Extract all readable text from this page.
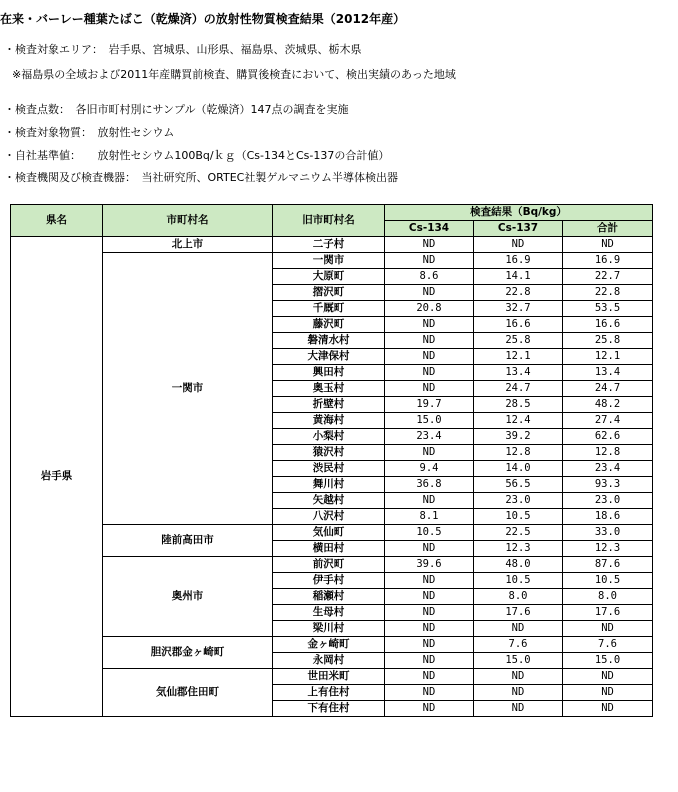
在来・バーレー種葉たばこ（乾燥済）の放射性物質検査結果（2012年産）
・検査対象エリア：　岩手県、宮城県、山形県、福島県、茨城県、栃木県
※福島県の全域および2011年産購買前検査、購買後検査において、検出実績のあった地域
・検査点数：　各旧市町村別にサンプル（乾燥済）147点の調査を実施
・検査対象物質：　放射性セシウム
・自社基準値：　　放射性セシウム100Bq/ｋｇ（Cs-134とCs-137の合計値）
・検査機関及び検査機器：　当社研究所、ORTEC社製ゲルマニウム半導体検出器
県名	市町村名	旧市町村名	検査結果（Bq/kg）		
			Cs-134	Cs-137	合計
岩手県	北上市	二子村	ND	ND	ND
	一関市	一関市	ND	16.9	16.9
		大原町	8.6	14.1	22.7
		摺沢町	ND	22.8	22.8
		千厩町	20.8	32.7	53.5
		藤沢町	ND	16.6	16.6
		磐清水村	ND	25.8	25.8
		大津保村	ND	12.1	12.1
		興田村	ND	13.4	13.4
		奥玉村	ND	24.7	24.7
		折壁村	19.7	28.5	48.2
		黄海村	15.0	12.4	27.4
		小梨村	23.4	39.2	62.6
		猿沢村	ND	12.8	12.8
		渋民村	9.4	14.0	23.4
		舞川村	36.8	56.5	93.3
		矢越村	ND	23.0	23.0
		八沢村	8.1	10.5	18.6
	陸前高田市	気仙町	10.5	22.5	33.0
		横田村	ND	12.3	12.3
	奥州市	前沢町	39.6	48.0	87.6
		伊手村	ND	10.5	10.5
		稲瀬村	ND	8.0	8.0
		生母村	ND	17.6	17.6
		梁川村	ND	ND	ND
	胆沢郡金ヶ崎町	金ヶ崎町	ND	7.6	7.6
		永岡村	ND	15.0	15.0
	気仙郡住田町	世田米町	ND	ND	ND
		上有住村	ND	ND	ND
		下有住村	ND	ND	ND
